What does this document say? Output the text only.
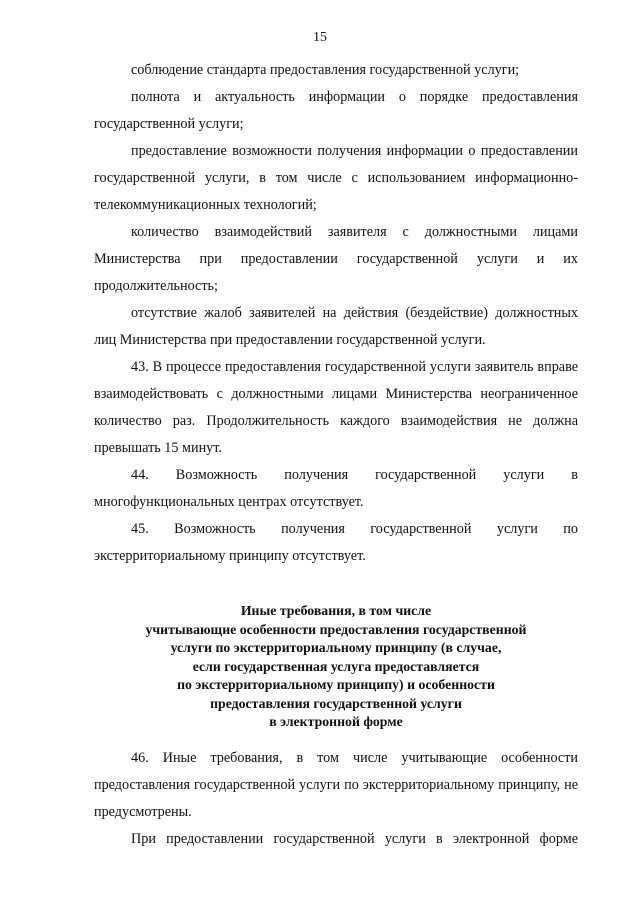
15

соблюдение стандарта предоставления государственной услуги;

полнота и актуальность информации о порядке предоставления государственной услуги;

предоставление возможности получения информации о предоставлении государственной услуги, в том числе с использованием информационно-телекоммуникационных технологий;

количество взаимодействий заявителя с должностными лицами Министерства при предоставлении государственной услуги и их продолжительность;

отсутствие жалоб заявителей на действия (бездействие) должностных лиц Министерства при предоставлении государственной услуги.

43. В процессе предоставления государственной услуги заявитель вправе взаимодействовать с должностными лицами Министерства неограниченное количество раз. Продолжительность каждого взаимодействия не должна превышать 15 минут.

44. Возможность получения государственной услуги в многофункциональных центрах отсутствует.

45. Возможность получения государственной услуги по экстерриториальному принципу отсутствует.

Иные требования, в том числе
учитывающие особенности предоставления государственной
услуги по экстерриториальному принципу (в случае,
если государственная услуга предоставляется
по экстерриториальному принципу) и особенности
предоставления государственной услуги
в электронной форме

46. Иные требования, в том числе учитывающие особенности предоставления государственной услуги по экстерриториальному принципу, не предусмотрены.

При предоставлении государственной услуги в электронной форме
